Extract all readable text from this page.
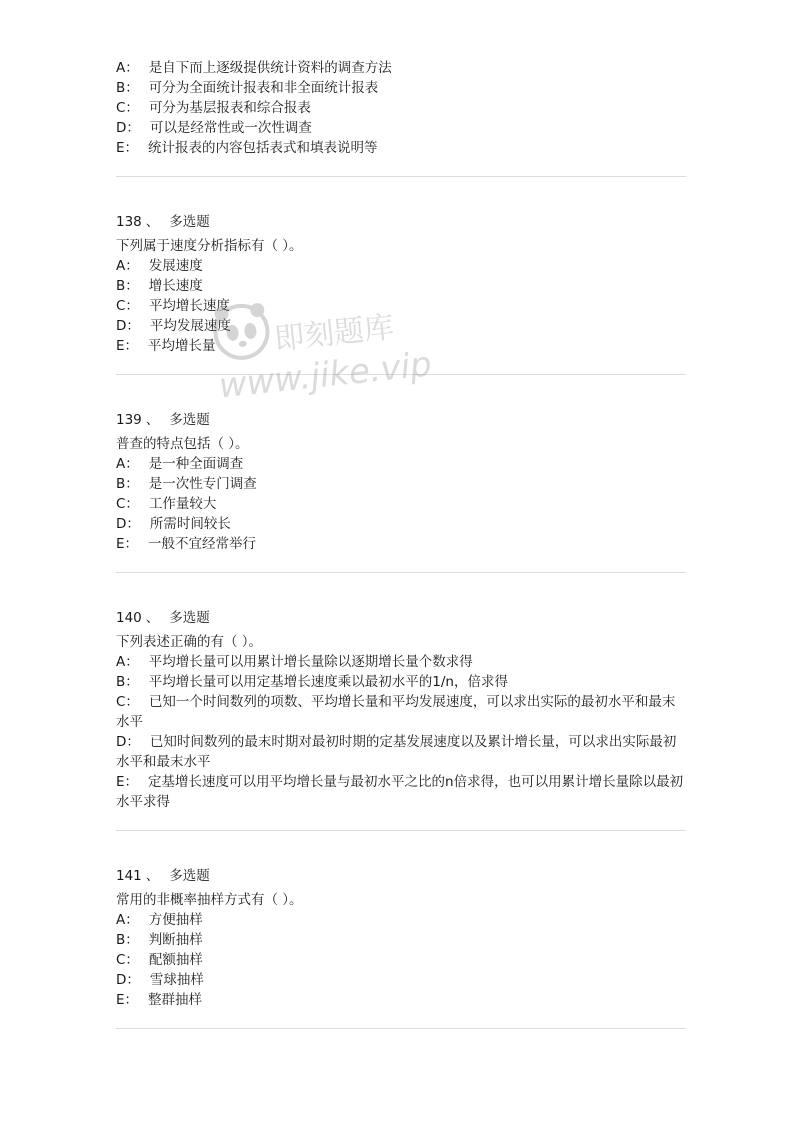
A： 是自下而上逐级提供统计资料的调查方法
B： 可分为全面统计报表和非全面统计报表
C： 可分为基层报表和综合报表
D： 可以是经常性或一次性调查
E： 统计报表的内容包括表式和填表说明等
138 、 多选题
下列属于速度分析指标有（ ）。
A： 发展速度
B： 增长速度
C： 平均增长速度
D： 平均发展速度
E： 平均增长量
139 、 多选题
普查的特点包括（ ）。
A： 是一种全面调查
B： 是一次性专门调查
C： 工作量较大
D： 所需时间较长
E： 一般不宜经常举行
140 、 多选题
下列表述正确的有（ ）。
A： 平均增长量可以用累计增长量除以逐期增长量个数求得
B： 平均增长量可以用定基增长速度乘以最初水平的1/n，倍求得
C： 已知一个时间数列的项数、平均增长量和平均发展速度，可以求出实际的最初水平和最末水平
D： 已知时间数列的最末时期对最初时期的定基发展速度以及累计增长量，可以求出实际最初水平和最末水平
E： 定基增长速度可以用平均增长量与最初水平之比的n倍求得，也可以用累计增长量除以最初水平求得
141 、 多选题
常用的非概率抽样方式有（ ）。
A： 方便抽样
B： 判断抽样
C： 配额抽样
D： 雪球抽样
E： 整群抽样
即刻题库
www.jike.vip
